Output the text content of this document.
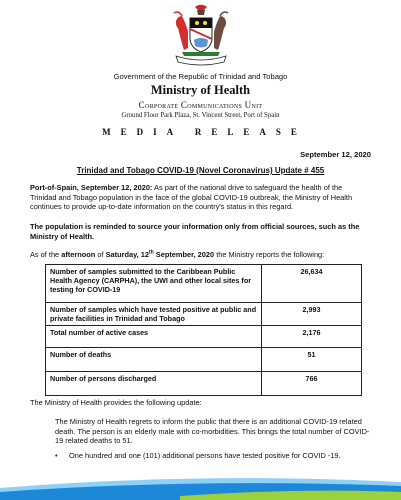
Government of the Republic of Trinidad and Tobago
Ministry of Health
Corporate Communications Unit
Ground Floor Park Plaza, St. Vincent Street, Port of Spain
MEDIA RELEASE
September 12, 2020
Trinidad and Tobago COVID-19 (Novel Coronavirus) Update # 455
Port-of-Spain, September 12, 2020: As part of the national drive to safeguard the health of the Trinidad and Tobago population in the face of the global COVID-19 outbreak, the Ministry of Health continues to provide up-to-date information on the country's status in this regard.
The population is reminded to source your information only from official sources, such as the Ministry of Health.
As of the afternoon of Saturday, 12th September, 2020 the Ministry reports the following:
Number of samples submitted to the Caribbean Public Health Agency (CARPHA), the UWI and other local sites for testing for COVID-19	26,634
Number of samples which have tested positive at public and private facilities in Trinidad and Tobago	2,993
Total number of active cases	2,176
Number of deaths	51
Number of persons discharged	766
The Ministry of Health provides the following update:
The Ministry of Health regrets to inform the public that there is an additional COVID-19 related death. The person is an elderly male with co-morbidities. This brings the total number of COVID-19 related deaths to 51.
• One hundred and one (101) additional persons have tested positive for COVID -19.
